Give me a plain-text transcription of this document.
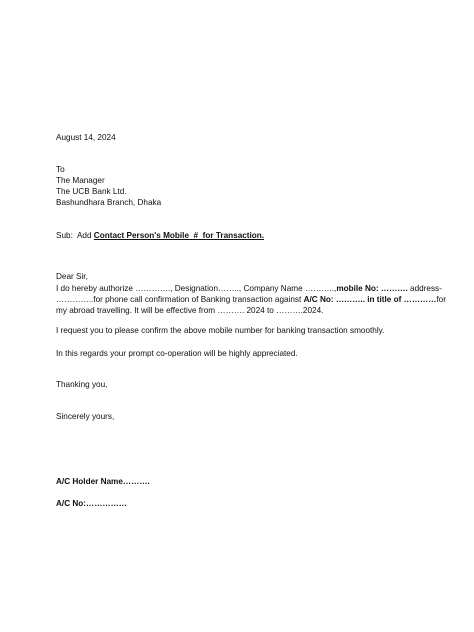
August 14, 2024
To
The Manager
The UCB Bank Ltd.
Bashundhara Branch, Dhaka
Sub:  Add Contact Person's Mobile  #  for Transaction.
Dear Sir,
I do hereby authorize …………., Designation…….., Company Name ………..,mobile No: ………. address-
…………..for phone call confirmation of Banking transaction against A/C No: ……….. in title of …………for
my abroad travelling. It will be effective from ………. 2024 to ……….2024.
I request you to please confirm the above mobile number for banking transaction smoothly.
In this regards your prompt co-operation will be highly appreciated.
Thanking you,
Sincerely yours,
A/C Holder Name……….
A/C No:……………
